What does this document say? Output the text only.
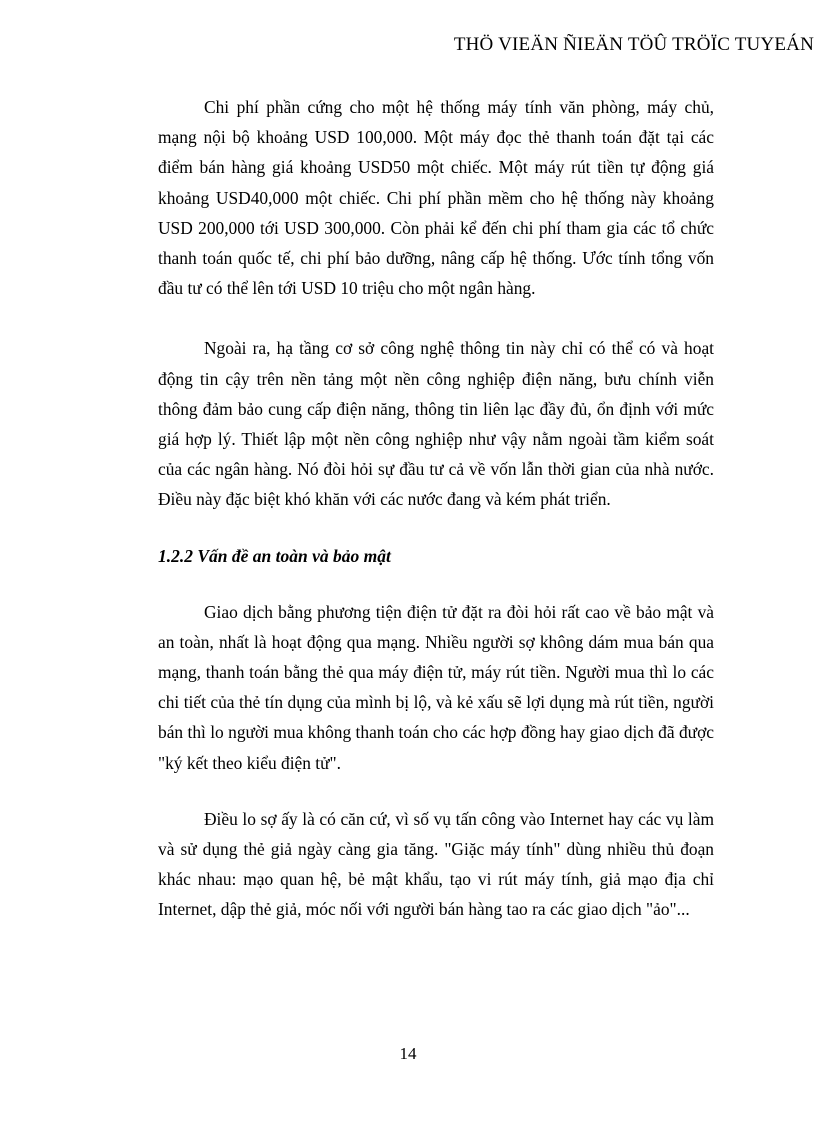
THÖ VIEÄN ÑIEÄN TÖÛ TRÖÏC TUYEÁN

Chi phí phần cứng cho một hệ thống máy tính văn phòng, máy chủ, mạng nội bộ khoảng USD 100,000. Một máy đọc thẻ thanh toán đặt tại các điểm bán hàng giá khoảng USD50 một chiếc. Một máy rút tiền tự động giá khoảng USD40,000 một chiếc. Chi phí phần mềm cho hệ thống này khoảng USD 200,000 tới USD 300,000. Còn phải kể đến chi phí tham gia các tổ chức thanh toán quốc tế, chi phí bảo dưỡng, nâng cấp hệ thống. Ước tính tổng vốn đầu tư có thể lên tới USD 10 triệu cho một ngân hàng.

Ngoài ra, hạ tầng cơ sở công nghệ thông tin này chỉ có thể có và hoạt động tin cậy trên nền tảng một nền công nghiệp điện năng, bưu chính viễn thông đảm bảo cung cấp điện năng, thông tin liên lạc đầy đủ, ổn định với mức giá hợp lý. Thiết lập một nền công nghiệp như vậy nằm ngoài tầm kiểm soát của các ngân hàng. Nó đòi hỏi sự đầu tư cả về vốn lẫn thời gian của nhà nước. Điều này đặc biệt khó khăn với các nước đang và kém phát triển.

1.2.2 Vấn đề an toàn và bảo mật

Giao dịch bằng phương tiện điện tử đặt ra đòi hỏi rất cao về bảo mật và an toàn, nhất là hoạt động qua mạng. Nhiều người sợ không dám mua bán qua mạng, thanh toán bằng thẻ qua máy điện tử, máy rút tiền. Người mua thì lo các chi tiết của thẻ tín dụng của mình bị lộ, và kẻ xấu sẽ lợi dụng mà rút tiền, người bán thì lo người mua không thanh toán cho các hợp đồng hay giao dịch đã được "ký kết theo kiểu điện tử".

Điều lo sợ ấy là có căn cứ, vì số vụ tấn công vào Internet hay các vụ làm và sử dụng thẻ giả ngày càng gia tăng. "Giặc máy tính" dùng nhiều thủ đoạn khác nhau: mạo quan hệ, bẻ mật khẩu, tạo vi rút máy tính, giả mạo địa chỉ Internet, dập thẻ giả, móc nối với người bán hàng tao ra các giao dịch "ảo"...

14
